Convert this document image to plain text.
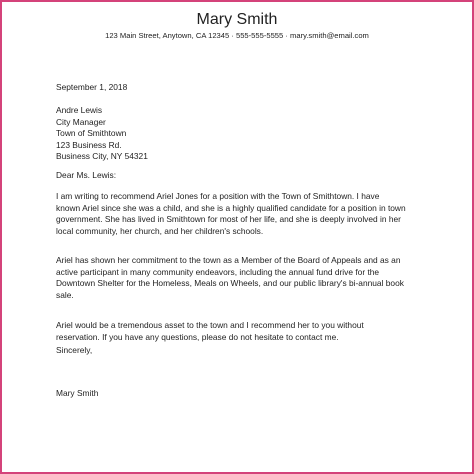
Mary Smith
123 Main Street, Anytown, CA 12345 · 555-555-5555 · mary.smith@email.com
September 1, 2018
Andre Lewis
City Manager
Town of Smithtown
123 Business Rd.
Business City, NY 54321
Dear Ms. Lewis:
I am writing to recommend Ariel Jones for a position with the Town of Smithtown. I have
known Ariel since she was a child, and she is a highly qualified candidate for a position in town
government. She has lived in Smithtown for most of her life, and she is deeply involved in her
local community, her church, and her children's schools.
Ariel has shown her commitment to the town as a Member of the Board of Appeals and as an
active participant in many community endeavors, including the annual fund drive for the
Downtown Shelter for the Homeless, Meals on Wheels, and our public library's bi-annual book
sale.
Ariel would be a tremendous asset to the town and I recommend her to you without
reservation. If you have any questions, please do not hesitate to contact me.
Sincerely,
Mary Smith
